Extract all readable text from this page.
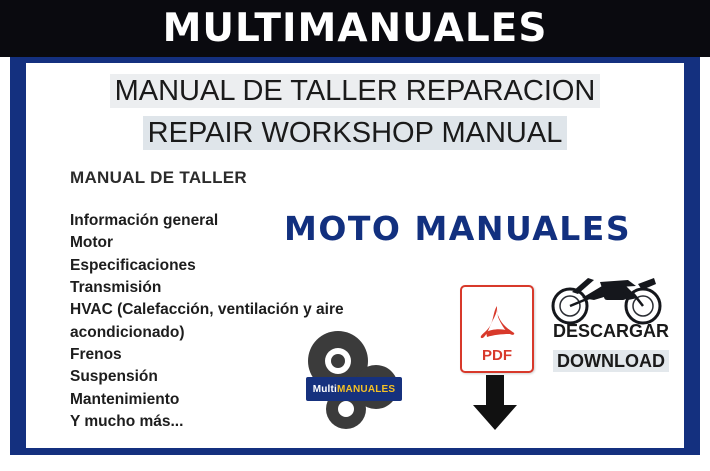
MULTIMANUALES
MANUAL DE TALLER REPARACION
REPAIR WORKSHOP MANUAL
MANUAL DE TALLER
Información general
Motor
Especificaciones
Transmisión
HVAC (Calefacción, ventilación y aire acondicionado)
Frenos
Suspensión
Mantenimiento
Y mucho más...
MOTO MANUALES
PDF
Multi MANUALES
DESCARGAR
DOWNLOAD
